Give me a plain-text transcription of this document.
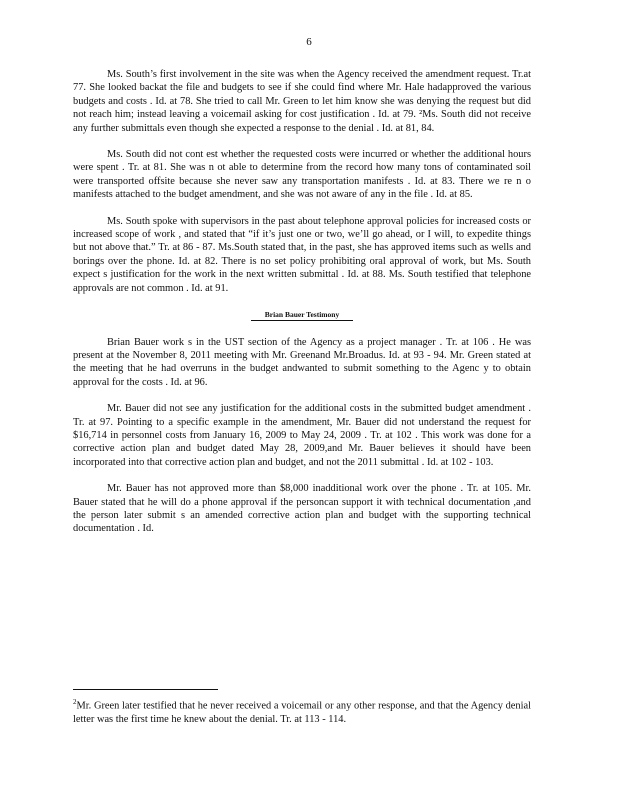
6

Ms. South’s first involvement in the site was when the Agency received the amendment request. Tr.at 77. She looked backat the file and budgets to see if she could find where Mr. Hale hadapproved the various budgets and costs . Id. at 78. She tried to call Mr. Green to let him know she was denying the request but did not reach him; instead leaving a voicemail asking for cost justification . Id. at 79. ²Ms. South did not receive any further submittals even though she expected a response to the denial . Id. at 81, 84.

Ms. South did not cont est whether the requested costs were incurred or whether the additional hours were spent . Tr. at 81. She was n ot able to determine from the record how many tons of contaminated soil were transported offsite because she never saw any transportation manifests . Id. at 83. There we re n o manifests attached to the budget amendment, and she was not aware of any in the file . Id. at 85.

Ms. South spoke with supervisors in the past about telephone approval policies for increased costs or increased scope of work , and stated that “if it’s just one or two, we’ll go ahead, or I will, to expedite things but not above that.” Tr. at 86 - 87. Ms.South stated that, in the past, she has approved items such as wells and borings over the phone. Id. at 82. There is no set policy prohibiting oral approval of work, but Ms. South expect s justification for the work in the next written submittal . Id. at 88. Ms. South testified that telephone approvals are not common . Id. at 91.

Brian Bauer Testimony

Brian Bauer work s in the UST section of the Agency as a project manager . Tr. at 106 . He was present at the November 8, 2011 meeting with Mr. Greenand Mr.Broadus. Id. at 93 - 94. Mr. Green stated at the meeting that he had overruns in the budget andwanted to submit something to the Agenc y to obtain approval for the costs . Id. at 96.

Mr. Bauer did not see any justification for the additional costs in the submitted budget amendment . Tr. at 97. Pointing to a specific example in the amendment, Mr. Bauer did not understand the request for $16,714 in personnel costs from January 16, 2009 to May 24, 2009 . Tr. at 102 . This work was done for a corrective action plan and budget dated May 28, 2009,and Mr. Bauer believes it should have been incorporated into that corrective action plan and budget, and not the 2011 submittal . Id. at 102 - 103.

Mr. Bauer has not approved more than $8,000 inadditional work over the phone . Tr. at 105. Mr. Bauer stated that he will do a phone approval if the personcan support it with technical documentation ,and the person later submit s an amended corrective action plan and budget with the supporting technical documentation . Id.

$^2$Mr. Green later testified that he never received a voicemail or any other response, and that the Agency denial letter was the first time he knew about the denial. Tr. at 113 - 114.
